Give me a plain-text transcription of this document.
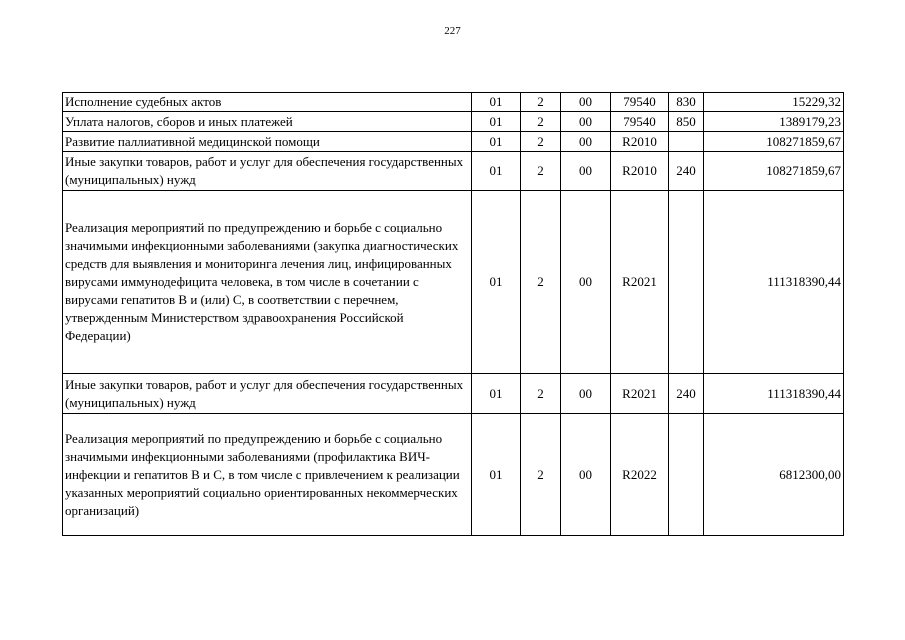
227
Исполнение судебных актов	01	2	00	79540	830	15229,32
Уплата налогов, сборов и иных платежей	01	2	00	79540	850	1389179,23
Развитие паллиативной медицинской помощи	01	2	00	R2010		108271859,67
Иные закупки товаров, работ и услуг для обеспечения государственных (муниципальных) нужд	01	2	00	R2010	240	108271859,67
Реализация мероприятий по предупреждению и борьбе с социально значимыми инфекционными заболеваниями (закупка диагностических средств для выявления и мониторинга лечения лиц, инфицированных вирусами иммунодефицита человека, в том числе в сочетании с вирусами гепатитов B и (или) C, в соответствии с перечнем, утвержденным Министерством здравоохранения Российской Федерации)	01	2	00	R2021		111318390,44
Иные закупки товаров, работ и услуг для обеспечения государственных (муниципальных) нужд	01	2	00	R2021	240	111318390,44
Реализация мероприятий по предупреждению и борьбе с социально значимыми инфекционными заболеваниями (профилактика ВИЧ-инфекции и гепатитов B и C, в том числе с привлечением к реализации указанных мероприятий социально ориентированных некоммерческих организаций)	01	2	00	R2022		6812300,00
